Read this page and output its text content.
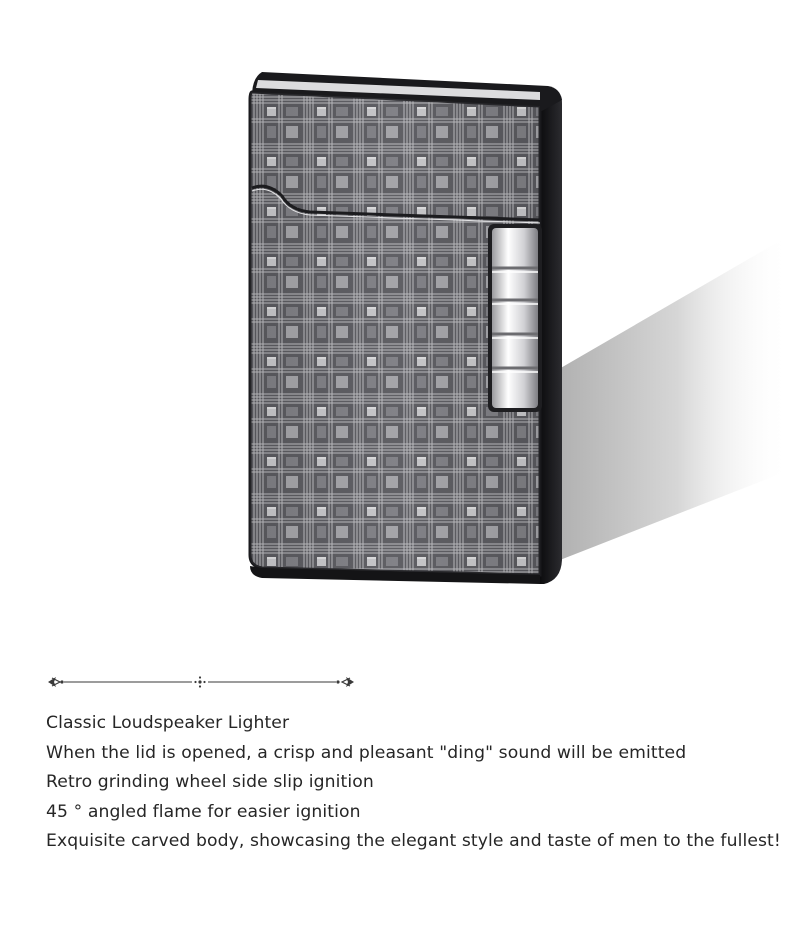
Classic Loudspeaker Lighter
When the lid is opened, a crisp and pleasant "ding" sound will be emitted
Retro grinding wheel side slip ignition
45 ° angled flame for easier ignition
Exquisite carved body, showcasing the elegant style and taste of men to the fullest!
